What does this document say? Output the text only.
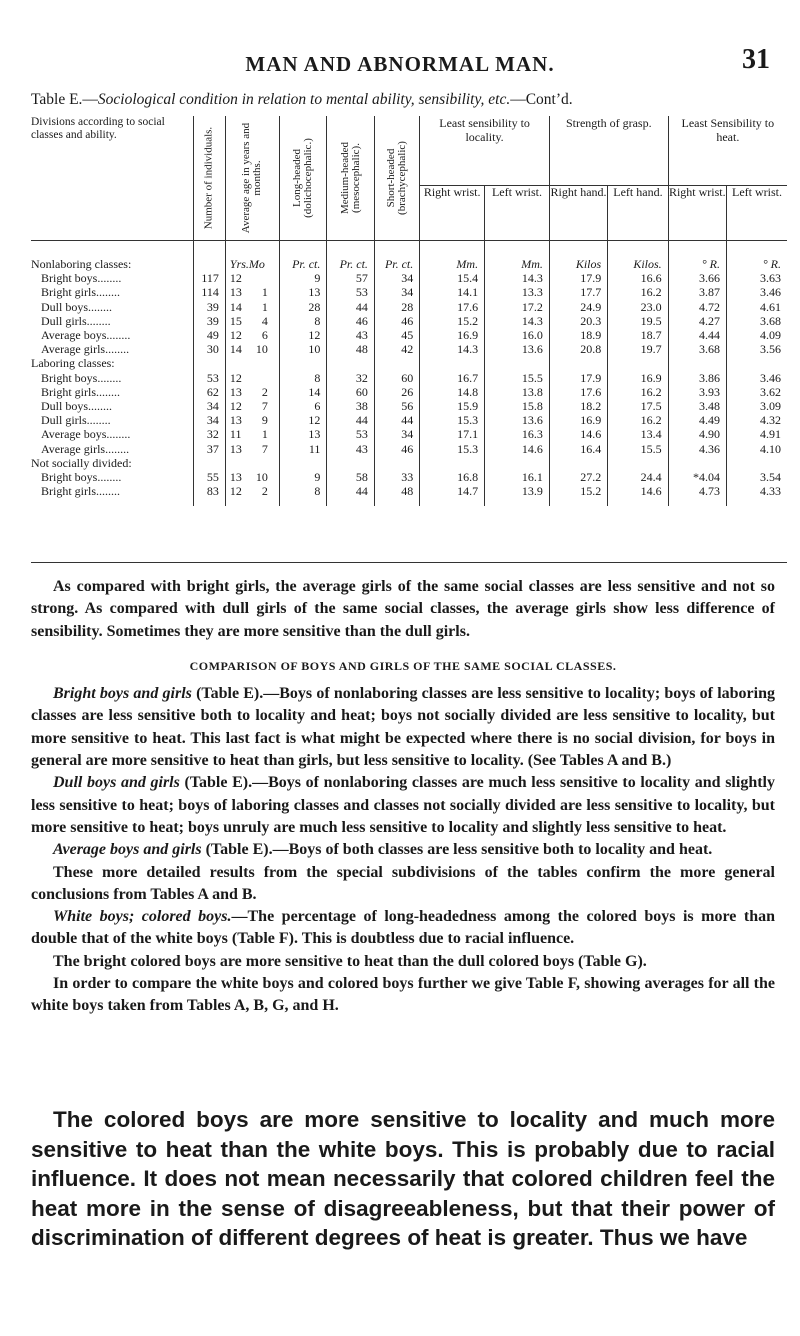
MAN AND ABNORMAL MAN.	31
Table E.—Sociological condition in relation to mental ability, sensibility, etc.—Cont’d.
Divisions according to social classes and ability.	Number of individuals.	Average age in years and months.	Long-headed (dolichocephalic.)	Medium-headed (mesocephalic).	Short-headed (brachycephalic)	Least sensibility to locality.		Strength of grasp.		Least Sensibility to heat.	
						Right wrist.	Left wrist.	Right hand.	Left hand.	Right wrist.	Left wrist.
Nonlaboring classes:		Yrs.Mo	Pr. ct.	Pr. ct.	Pr. ct.	Mm.	Mm.	Kilos	Kilos.	° R.	° R.
Bright boys........	117	12	9	57	34	15.4	14.3	17.9	16.6	3.66	3.63
Bright girls........	114	13 1	13	53	34	14.1	13.3	17.7	16.2	3.87	3.46
Dull boys........	39	14 1	28	44	28	17.6	17.2	24.9	23.0	4.72	4.61
Dull girls........	39	15 4	8	46	46	15.2	14.3	20.3	19.5	4.27	3.68
Average boys........	49	12 6	12	43	45	16.9	16.0	18.9	18.7	4.44	4.09
Average girls........	30	14 10	10	48	42	14.3	13.6	20.8	19.7	3.68	3.56
Laboring classes:											
Bright boys........	53	12	8	32	60	16.7	15.5	17.9	16.9	3.86	3.46
Bright girls........	62	13 2	14	60	26	14.8	13.8	17.6	16.2	3.93	3.62
Dull boys........	34	12 7	6	38	56	15.9	15.8	18.2	17.5	3.48	3.09
Dull girls........	34	13 9	12	44	44	15.3	13.6	16.9	16.2	4.49	4.32
Average boys........	32	11 1	13	53	34	17.1	16.3	14.6	13.4	4.90	4.91
Average girls........	37	13 7	11	43	46	15.3	14.6	16.4	15.5	4.36	4.10
Not socially divided:											
Bright boys........	55	13 10	9	58	33	16.8	16.1	27.2	24.4	*4.04	3.54
Bright girls........	83	12 2	8	44	48	14.7	13.9	15.2	14.6	4.73	4.33

As compared with bright girls, the average girls of the same social classes are less sensitive and not so strong. As compared with dull girls of the same social classes, the average girls show less difference of sensibility. Sometimes they are more sensitive than the dull girls.

COMPARISON OF BOYS AND GIRLS OF THE SAME SOCIAL CLASSES.

Bright boys and girls (Table E).—Boys of nonlaboring classes are less sensitive to locality; boys of laboring classes are less sensitive both to locality and heat; boys not socially divided are less sensitive to locality, but more sensitive to heat. This last fact is what might be expected where there is no social division, for boys in general are more sensitive to heat than girls, but less sensitive to locality. (See Tables A and B.)

Dull boys and girls (Table E).—Boys of nonlaboring classes are much less sensitive to locality and slightly less sensitive to heat; boys of laboring classes and classes not socially divided are less sensitive to locality, but more sensitive to heat; boys unruly are much less sensitive to locality and slightly less sensitive to heat.

Average boys and girls (Table E).—Boys of both classes are less sensitive both to locality and heat.

These more detailed results from the special subdivisions of the tables confirm the more general conclusions from Tables A and B.

White boys; colored boys.—The percentage of long-headedness among the colored boys is more than double that of the white boys (Table F). This is doubtless due to racial influence.

The bright colored boys are more sensitive to heat than the dull colored boys (Table G).

In order to compare the white boys and colored boys further we give Table F, showing averages for all the white boys taken from Tables A, B, G, and H.

The colored boys are more sensitive to locality and much more sensitive to heat than the white boys. This is probably due to racial influence. It does not mean necessarily that colored children feel the heat more in the sense of disagreeableness, but that their power of discrimination of different degrees of heat is greater. Thus we have
